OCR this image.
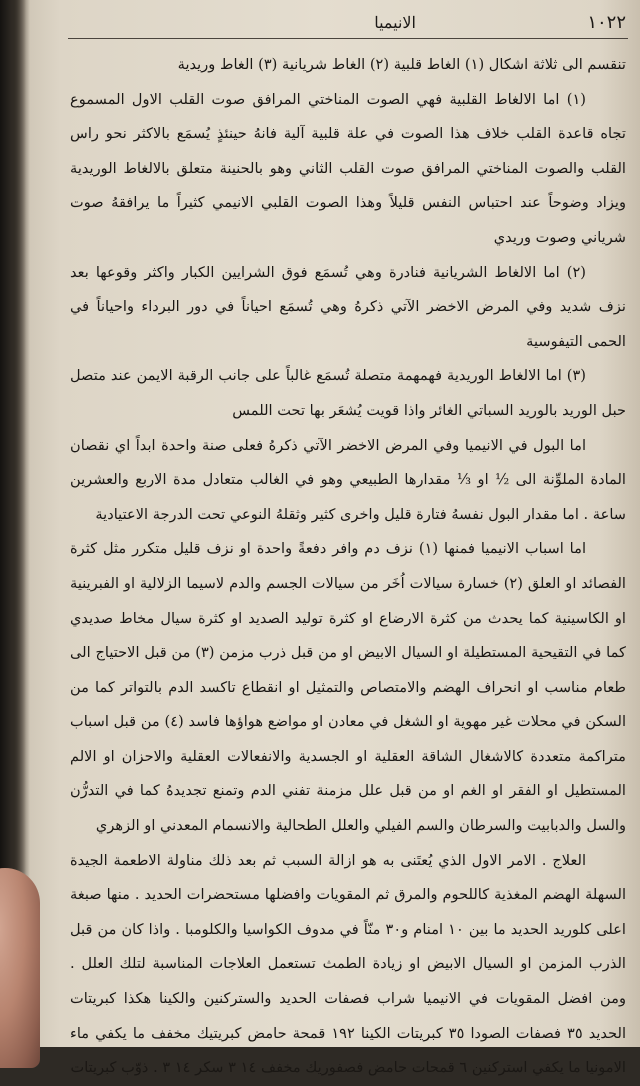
١٠٢٢
الانيميا

تنقسم الى ثلاثة اشكال (١) الغاط قلبية (٢) الغاط شريانية (٣) الغاط وريدية

(١) اما الالغاط القلبية فهي الصوت المناختي المرافق صوت القلب الاول المسموع تجاه قاعدة القلب خلاف هذا الصوت في علة قلبية آلية فانهُ حينئذٍ يُسمَع بالاكثر نحو راس القلب والصوت المناختي المرافق صوت القلب الثاني وهو بالحنينة متعلق بالالغاط الوريدية ويزاد وضوحاً عند احتباس النفس قليلاً وهذا الصوت القلبي الانيمي كثيراً ما يرافقهُ صوت شرياني وصوت وريدي

(٢) اما الالغاط الشريانية فنادرة وهي تُسمَع فوق الشرايين الكبار واكثر وقوعها بعد نزف شديد وفي المرض الاخضر الآتي ذكرهُ وهي تُسمَع احياناً في دور البرداء واحياناً في الحمى التيفوسية

(٣) اما الالغاط الوريدية فهمهمة متصلة تُسمَع غالباً على جانب الرقبة الايمن عند متصل حبل الوريد بالوريد السباتي الغائر واذا قويت يُشعَر بها تحت اللمس

اما البول في الانيميا وفي المرض الاخضر الآتي ذكرهُ فعلى صنة واحدة ابداً اي نقصان المادة الملوِّنة الى ½ او ⅓ مقدارها الطبيعي وهو في الغالب متعادل مدة الاربع والعشرين ساعة . اما مقدار البول نفسهُ فتارة قليل واخرى كثير وثقلهُ النوعي تحت الدرجة الاعتيادية

اما اسباب الانيميا فمنها (١) نزف دم وافر دفعةً واحدة او نزف قليل متكرر مثل كثرة الفصائد او العلق (٢) خسارة سيالات اُخَر من سيالات الجسم والدم لاسيما الزلالية او الفبرينية او الكاسينية كما يحدث من كثرة الارضاع او كثرة توليد الصديد او كثرة سيال مخاط صديدي كما في التقيحية المستطيلة او السيال الابيض او من قبل ذرب مزمن (٣) من قبل الاحتياج الى طعام مناسب او انحراف الهضم والامتصاص والتمثيل او انقطاع تاكسد الدم بالتواتر كما من السكن في محلات غير مهوية او الشغل في معادن او مواضع هواؤها فاسد (٤) من قبل اسباب متراكمة متعددة كالاشغال الشاقة العقلية او الجسدية والانفعالات العقلية والاحزان او الالم المستطيل او الفقر او الغم او من قبل علل مزمنة تفني الدم وتمنع تجديدهُ كما في التدرُّن والسل والدبابيت والسرطان والسم الفيلي والعلل الطحالية والانسمام المعدني او الزهري

العلاج . الامر الاول الذي يُعتَنى به هو ازالة السبب ثم بعد ذلك مناولة الاطعمة الجيدة السهلة الهضم المغذية كاللحوم والمرق ثم المقويات وافضلها مستحضرات الحديد . منها صبغة اعلى كلوريد الحديد ما بين ١٠ امنام و٣٠ منّاً في مدوف الكواسيا والكلومبا . واذا كان من قبل الذرب المزمن او السيال الابيض او زيادة الطمث تستعمل العلاجات المناسبة لتلك العلل . ومن افضل المقويات في الانيميا شراب فصفات الحديد والستركنين والكينا هكذا كبريتات الحديد ٣٥ فصفات الصودا ٣٥ كبريتات الكينا ١٩٢ قمحة حامض كبريتيك مخفف ما يكفي ماء الامونيا ما يكفي استركنين ٦ قمحات حامض فصفوريك مخفف ١٤ ٣ سكر ١٤ ٣ . ذوّب كبريتات
